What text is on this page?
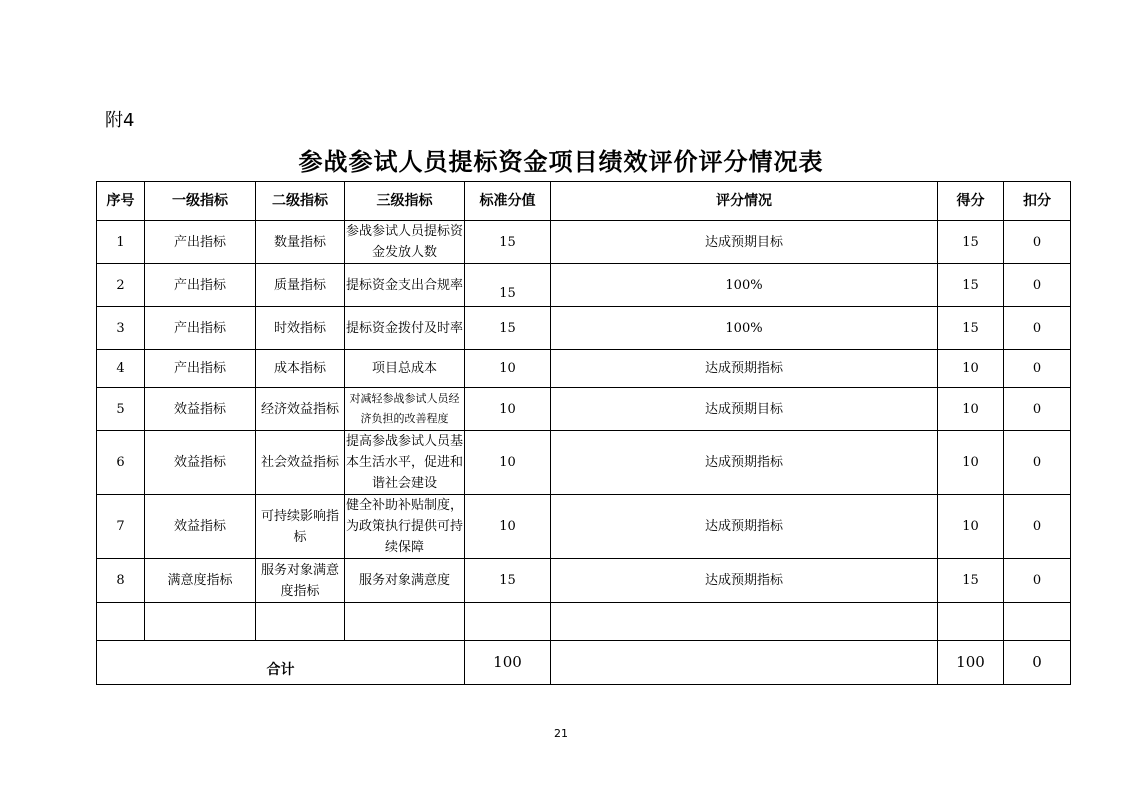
附4
参战参试人员提标资金项目绩效评价评分情况表
序号	一级指标	二级指标	三级指标	标准分值	评分情况	得分	扣分
1	产出指标	数量指标	参战参试人员提标资金发放人数	15	达成预期目标	15	0
2	产出指标	质量指标	提标资金支出合规率	15	100%	15	0
3	产出指标	时效指标	提标资金拨付及时率	15	100%	15	0
4	产出指标	成本指标	项目总成本	10	达成预期指标	10	0
5	效益指标	经济效益指标	对减轻参战参试人员经济负担的改善程度	10	达成预期目标	10	0
6	效益指标	社会效益指标	提高参战参试人员基本生活水平，促进和谐社会建设	10	达成预期指标	10	0
7	效益指标	可持续影响指标	健全补助补贴制度，为政策执行提供可持续保障	10	达成预期指标	10	0
8	满意度指标	服务对象满意度指标	服务对象满意度	15	达成预期指标	15	0

合计				100		100	0
21
